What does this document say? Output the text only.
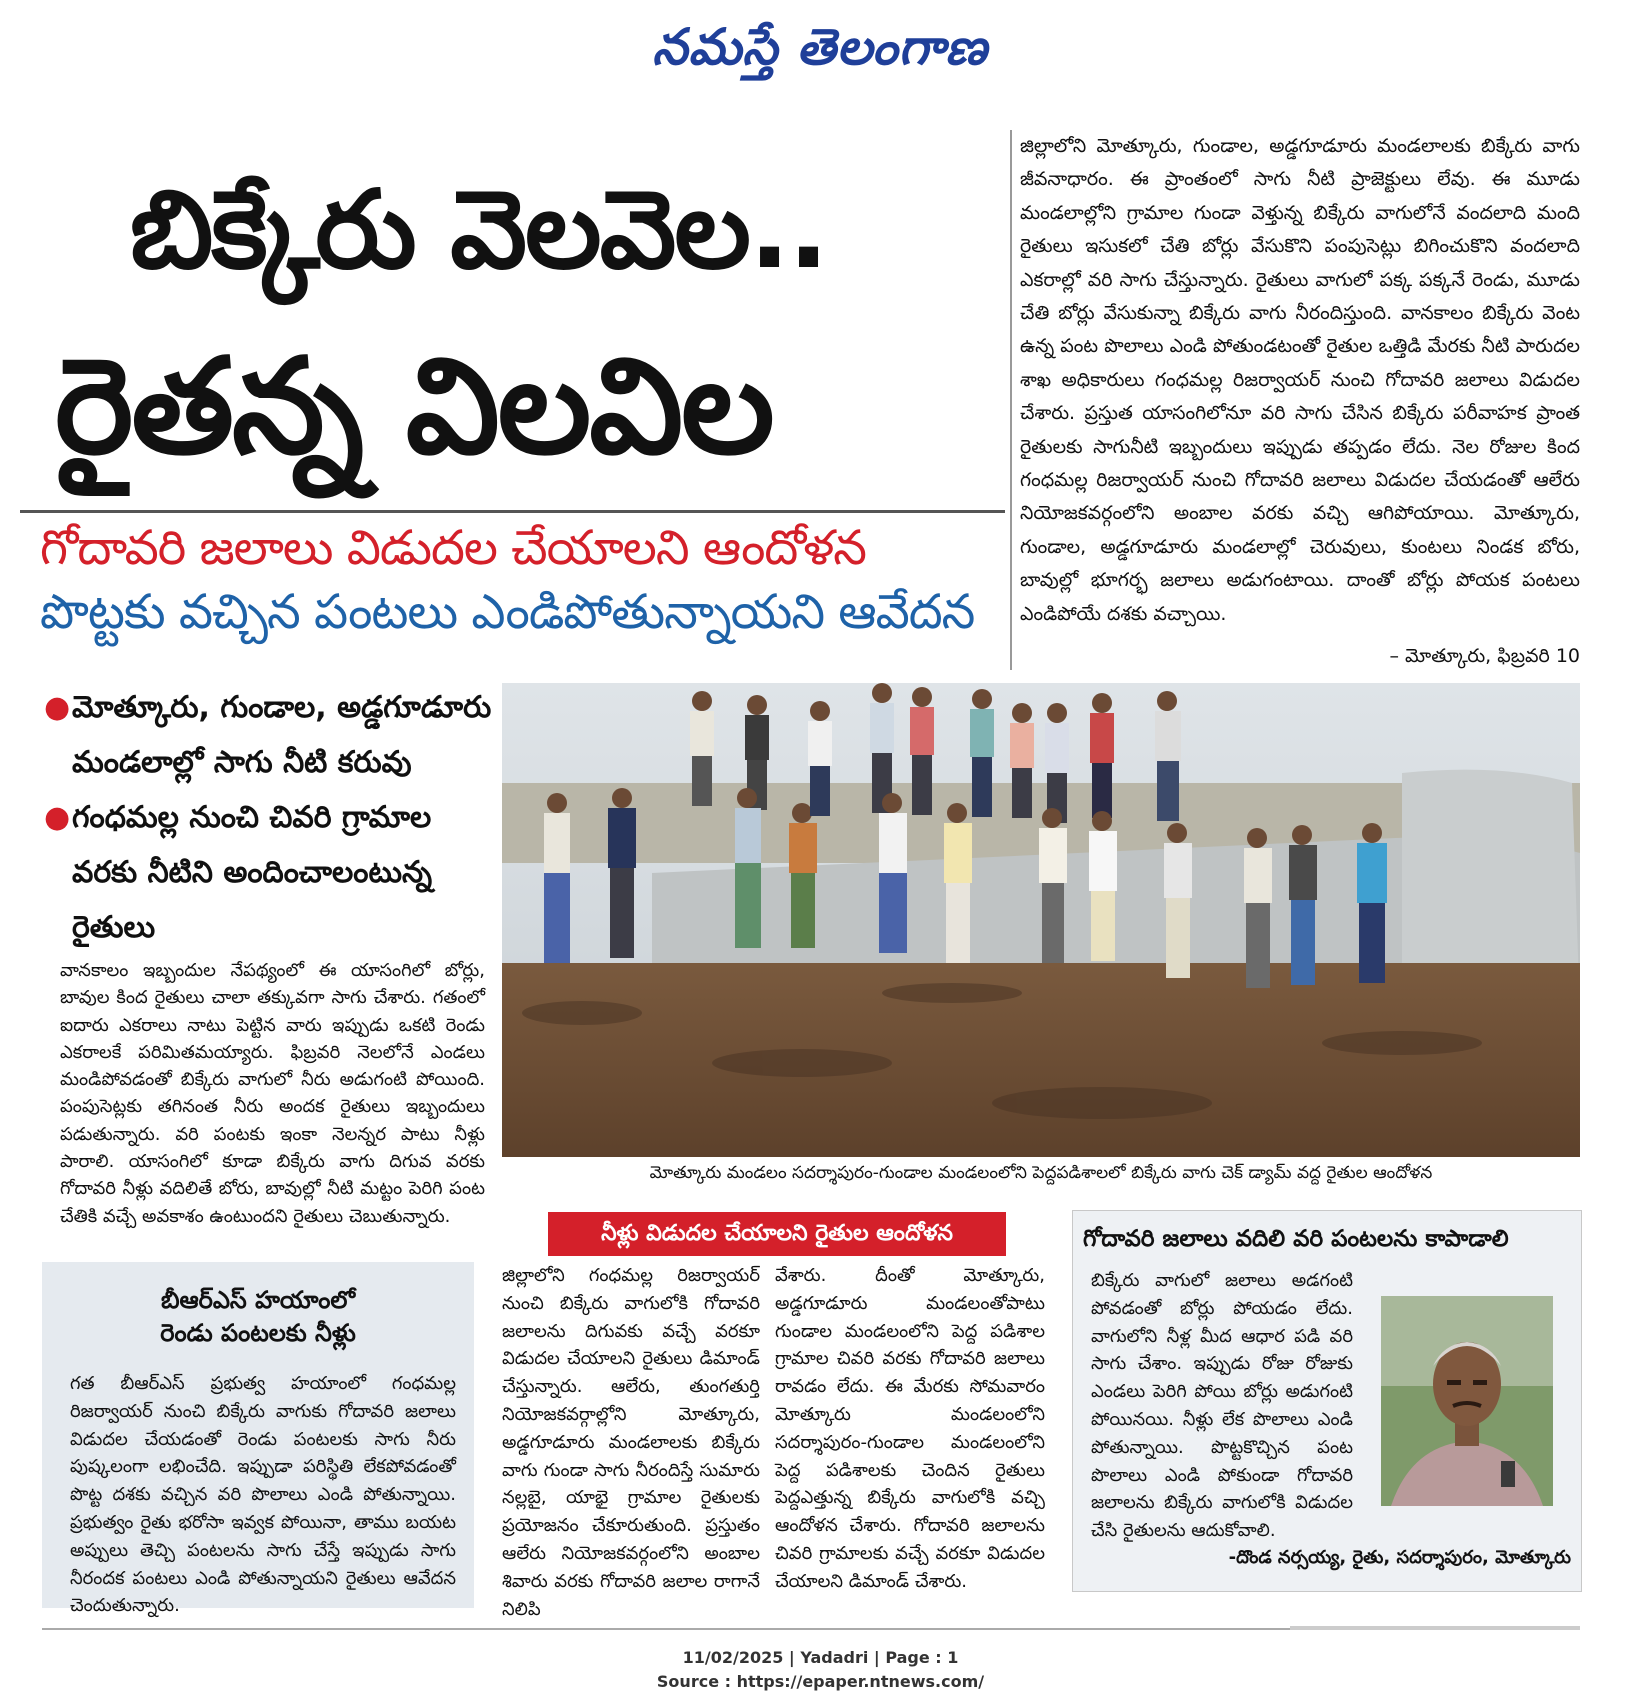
నమస్తే తెలంగాణ
బిక్కేరు వెలవెల..
రైతన్న విలవిల
గోదావరి జలాలు విడుదల చేయాలని ఆందోళన
పొట్టకు వచ్చిన పంటలు ఎండిపోతున్నాయని ఆవేదన
జిల్లాలోని మోత్కూరు, గుండాల, అడ్డగూడూరు మండలాలకు బిక్కేరు వాగు జీవనాధారం. ఈ ప్రాంతంలో సాగు నీటి ప్రాజెక్టులు లేవు. ఈ మూడు మండలాల్లోని గ్రామాల గుండా వెళ్తున్న బిక్కేరు వాగులోనే వందలాది మంది రైతులు ఇసుకలో చేతి బోర్లు వేసుకొని పంపుసెట్లు బిగించుకొని వందలాది ఎకరాల్లో వరి సాగు చేస్తున్నారు. రైతులు వాగులో పక్క పక్కనే రెండు, మూడు చేతి బోర్లు వేసుకున్నా బిక్కేరు వాగు నీరందిస్తుంది. వానకాలం బిక్కేరు వెంట ఉన్న పంట పొలాలు ఎండి పోతుండటంతో రైతుల ఒత్తిడి మేరకు నీటి పారుదల శాఖ అధికారులు గంధమల్ల రిజర్వాయర్ నుంచి గోదావరి జలాలు విడుదల చేశారు. ప్రస్తుత యాసంగిలోనూ వరి సాగు చేసిన బిక్కేరు పరీవాహక ప్రాంత రైతులకు సాగునీటి ఇబ్బందులు ఇప్పుడు తప్పడం లేదు. నెల రోజుల కింద గంధమల్ల రిజర్వాయర్ నుంచి గోదావరి జలాలు విడుదల చేయడంతో ఆలేరు నియోజకవర్గంలోని అంబాల వరకు వచ్చి ఆగిపోయాయి. మోత్కూరు, గుండాల, అడ్డగూడూరు మండలాల్లో చెరువులు, కుంటలు నిండక బోరు, బావుల్లో భూగర్భ జలాలు అడుగంటాయి. దాంతో బోర్లు పోయక పంటలు ఎండిపోయే దశకు వచ్చాయి.
– మోత్కూరు, ఫిబ్రవరి 10
● మోత్కూరు, గుండాల, అడ్డగూడూరు మండలాల్లో సాగు నీటి కరువు
● గంధమల్ల నుంచి చివరి గ్రామాల వరకు నీటిని అందించాలంటున్న రైతులు
మోత్కూరు మండలం సదర్శాపురం-గుండాల మండలంలోని పెద్దపడిశాలలో బిక్కేరు వాగు చెక్ డ్యామ్ వద్ద రైతుల ఆందోళన
వానకాలం ఇబ్బందుల నేపథ్యంలో ఈ యాసంగిలో బోర్లు, బావుల కింద రైతులు చాలా తక్కువగా సాగు చేశారు. గతంలో ఐదారు ఎకరాలు నాటు పెట్టిన వారు ఇప్పుడు ఒకటి రెండు ఎకరాలకే పరిమితమయ్యారు. ఫిబ్రవరి నెలలోనే ఎండలు మండిపోవడంతో బిక్కేరు వాగులో నీరు అడుగంటి పోయింది. పంపుసెట్లకు తగినంత నీరు అందక రైతులు ఇబ్బందులు పడుతున్నారు. వరి పంటకు ఇంకా నెలన్నర పాటు నీళ్లు పారాలి. యాసంగిలో కూడా బిక్కేరు వాగు దిగువ వరకు గోదావరి నీళ్లు వదిలితే బోరు, బావుల్లో నీటి మట్టం పెరిగి పంట చేతికి వచ్చే అవకాశం ఉంటుందని రైతులు చెబుతున్నారు.
బీఆర్ఎస్ హయాంలో
రెండు పంటలకు నీళ్లు
గత బీఆర్ఎస్ ప్రభుత్వ హయాంలో గంధమల్ల రిజర్వాయర్ నుంచి బిక్కేరు వాగుకు గోదావరి జలాలు విడుదల చేయడంతో రెండు పంటలకు సాగు నీరు పుష్కలంగా లభించేది. ఇప్పుడా పరిస్థితి లేకపోవడంతో పొట్ట దశకు వచ్చిన వరి పొలాలు ఎండి పోతున్నాయి. ప్రభుత్వం రైతు భరోసా ఇవ్వక పోయినా, తాము బయట అప్పులు తెచ్చి పంటలను సాగు చేస్తే ఇప్పుడు సాగు నీరందక పంటలు ఎండి పోతున్నాయని రైతులు ఆవేదన చెందుతున్నారు.
నీళ్లు విడుదల చేయాలని రైతుల ఆందోళన
జిల్లాలోని గంధమల్ల రిజర్వాయర్ నుంచి బిక్కేరు వాగులోకి గోదావరి జలాలను దిగువకు వచ్చే వరకూ విడుదల చేయాలని రైతులు డిమాండ్ చేస్తున్నారు. ఆలేరు, తుంగతుర్తి నియోజకవర్గాల్లోని మోత్కూరు, అడ్డగూడూరు మండలాలకు బిక్కేరు వాగు గుండా సాగు నీరందిస్తే సుమారు నల్లబై, యాభై గ్రామాల రైతులకు ప్రయోజనం చేకూరుతుంది. ప్రస్తుతం ఆలేరు నియోజకవర్గంలోని అంబాల శివారు వరకు గోదావరి జలాల రాగానే నిలిపి
వేశారు. దీంతో మోత్కూరు, అడ్డగూడూరు మండలంతోపాటు గుండాల మండలంలోని పెద్ద పడిశాల గ్రామాల చివరి వరకు గోదావరి జలాలు రావడం లేదు. ఈ మేరకు సోమవారం మోత్కూరు మండలంలోని సదర్శాపురం-గుండాల మండలంలోని పెద్ద పడిశాలకు చెందిన రైతులు పెద్దఎత్తున్న బిక్కేరు వాగులోకి వచ్చి ఆందోళన చేశారు. గోదావరి జలాలను చివరి గ్రామాలకు వచ్చే వరకూ విడుదల చేయాలని డిమాండ్ చేశారు.
గోదావరి జలాలు వదిలి వరి పంటలను కాపాడాలి
బిక్కేరు వాగులో జలాలు అడగంటి పోవడంతో బోర్లు పోయడం లేదు. వాగులోని నీళ్ల మీద ఆధార పడి వరి సాగు చేశాం. ఇప్పుడు రోజు రోజుకు ఎండలు పెరిగి పోయి బోర్లు అడుగంటి పోయినయి. నీళ్లు లేక పొలాలు ఎండి పోతున్నాయి. పొట్టకొచ్చిన పంట పొలాలు ఎండి పోకుండా గోదావరి జలాలను బిక్కేరు వాగులోకి విడుదల చేసి రైతులను ఆదుకోవాలి.
-దొండ నర్సయ్య, రైతు, సదర్శాపురం, మోత్కూరు
11/02/2025 | Yadadri | Page : 1
Source : https://epaper.ntnews.com/
